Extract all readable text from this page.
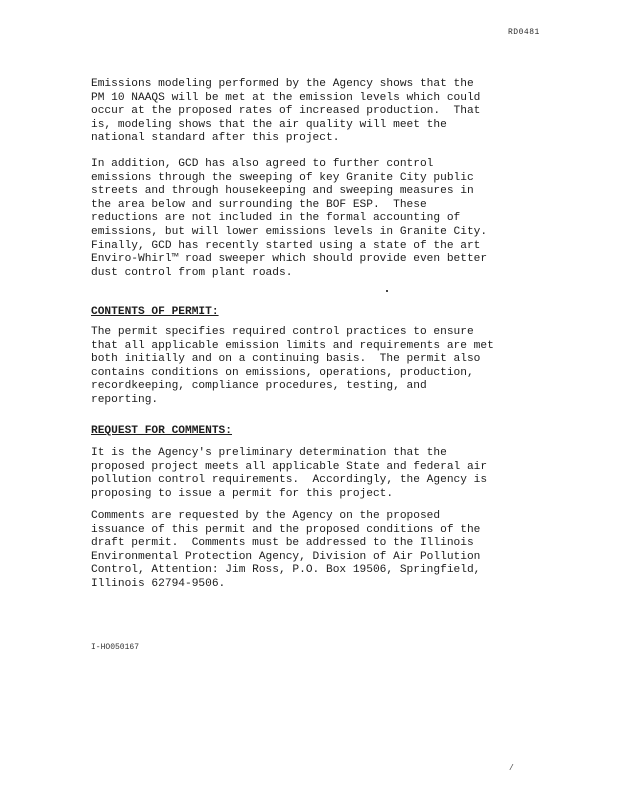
RD0481
Emissions modeling performed by the Agency shows that the
PM 10 NAAQS will be met at the emission levels which could
occur at the proposed rates of increased production.  That
is, modeling shows that the air quality will meet the
national standard after this project.
In addition, GCD has also agreed to further control
emissions through the sweeping of key Granite City public
streets and through housekeeping and sweeping measures in
the area below and surrounding the BOF ESP.  These
reductions are not included in the formal accounting of
emissions, but will lower emissions levels in Granite City.
Finally, GCD has recently started using a state of the art
Enviro-Whirl™ road sweeper which should provide even better
dust control from plant roads.
CONTENTS OF PERMIT:
The permit specifies required control practices to ensure
that all applicable emission limits and requirements are met
both initially and on a continuing basis.  The permit also
contains conditions on emissions, operations, production,
recordkeeping, compliance procedures, testing, and
reporting.
REQUEST FOR COMMENTS:
It is the Agency's preliminary determination that the
proposed project meets all applicable State and federal air
pollution control requirements.  Accordingly, the Agency is
proposing to issue a permit for this project.
Comments are requested by the Agency on the proposed
issuance of this permit and the proposed conditions of the
draft permit.  Comments must be addressed to the Illinois
Environmental Protection Agency, Division of Air Pollution
Control, Attention: Jim Ross, P.O. Box 19506, Springfield,
Illinois 62794-9506.
I-HO050167
/
